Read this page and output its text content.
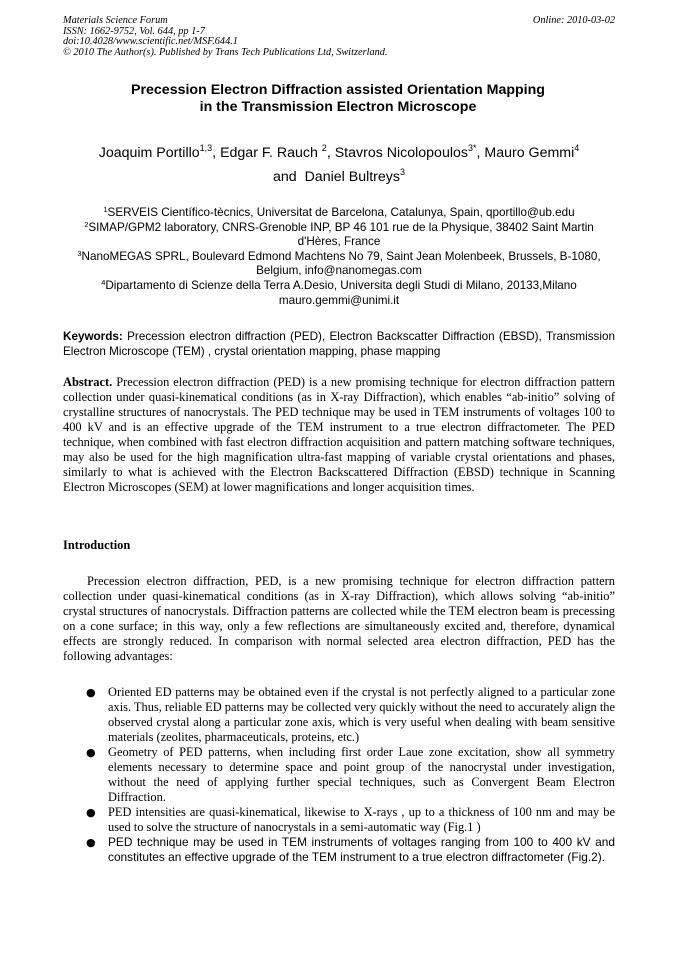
Materials Science Forum
ISSN: 1662-9752, Vol. 644, pp 1-7
doi:10.4028/www.scientific.net/MSF.644.1
© 2010 The Author(s). Published by Trans Tech Publications Ltd, Switzerland.
Online: 2010-03-02
Precession Electron Diffraction assisted Orientation Mapping
in the Transmission Electron Microscope
Joaquim Portillo$^{1,3}$, Edgar F. Rauch $^2$, Stavros Nicolopoulos$^{3*}$, Mauro Gemmi$^4$
and  Daniel Bultreys$^3$
$^1$SERVEIS Científico-tècnics, Universitat de Barcelona, Catalunya, Spain, qportillo@ub.edu
$^2$SIMAP/GPM2 laboratory, CNRS-Grenoble INP, BP 46 101 rue de la Physique, 38402 Saint Martin d'Hères, France
$^3$NanoMEGAS SPRL, Boulevard Edmond Machtens No 79, Saint Jean Molenbeek, Brussels, B-1080, Belgium, info@nanomegas.com
$^4$Dipartamento di Scienze della Terra A.Desio, Universita degli Studi di Milano, 20133,Milano mauro.gemmi@unimi.it

Keywords: Precession electron diffraction (PED), Electron Backscatter Diffraction (EBSD), Transmission Electron Microscope (TEM) , crystal orientation mapping, phase mapping

Abstract. Precession electron diffraction (PED) is a new promising technique for electron diffraction pattern collection under quasi-kinematical conditions (as in X-ray Diffraction), which enables “ab-initio” solving of crystalline structures of nanocrystals. The PED technique may be used in TEM instruments of voltages 100 to 400 kV and is an effective upgrade of the TEM instrument to a true electron diffractometer. The PED technique, when combined with fast electron diffraction acquisition and pattern matching software techniques, may also be used for the high magnification ultra-fast mapping of variable crystal orientations and phases, similarly to what is achieved with the Electron Backscattered Diffraction (EBSD) technique in Scanning Electron Microscopes (SEM) at lower magnifications and longer acquisition times.

Introduction

Precession electron diffraction, PED, is a new promising technique for electron diffraction pattern collection under quasi-kinematical conditions (as in X-ray Diffraction), which allows solving “ab-initio” crystal structures of nanocrystals. Diffraction patterns are collected while the TEM electron beam is precessing on a cone surface; in this way, only a few reflections are simultaneously excited and, therefore, dynamical effects are strongly reduced. In comparison with normal selected area electron diffraction, PED has the following advantages:

● Oriented ED patterns may be obtained even if the crystal is not perfectly aligned to a particular zone axis. Thus, reliable ED patterns may be collected very quickly without the need to accurately align the observed crystal along a particular zone axis, which is very useful when dealing with beam sensitive materials (zeolites, pharmaceuticals, proteins, etc.)
● Geometry of PED patterns, when including first order Laue zone excitation, show all symmetry elements necessary to determine space and point group of the nanocrystal under investigation, without the need of applying further special techniques, such as Convergent Beam Electron Diffraction.
● PED intensities are quasi-kinematical, likewise to X-rays , up to a thickness of 100 nm and may be used to solve the structure of nanocrystals in a semi-automatic way (Fig.1 )
● PED technique may be used in TEM instruments of voltages ranging from 100 to 400 kV and constitutes an effective upgrade of the TEM instrument to a true electron diffractometer (Fig.2).
